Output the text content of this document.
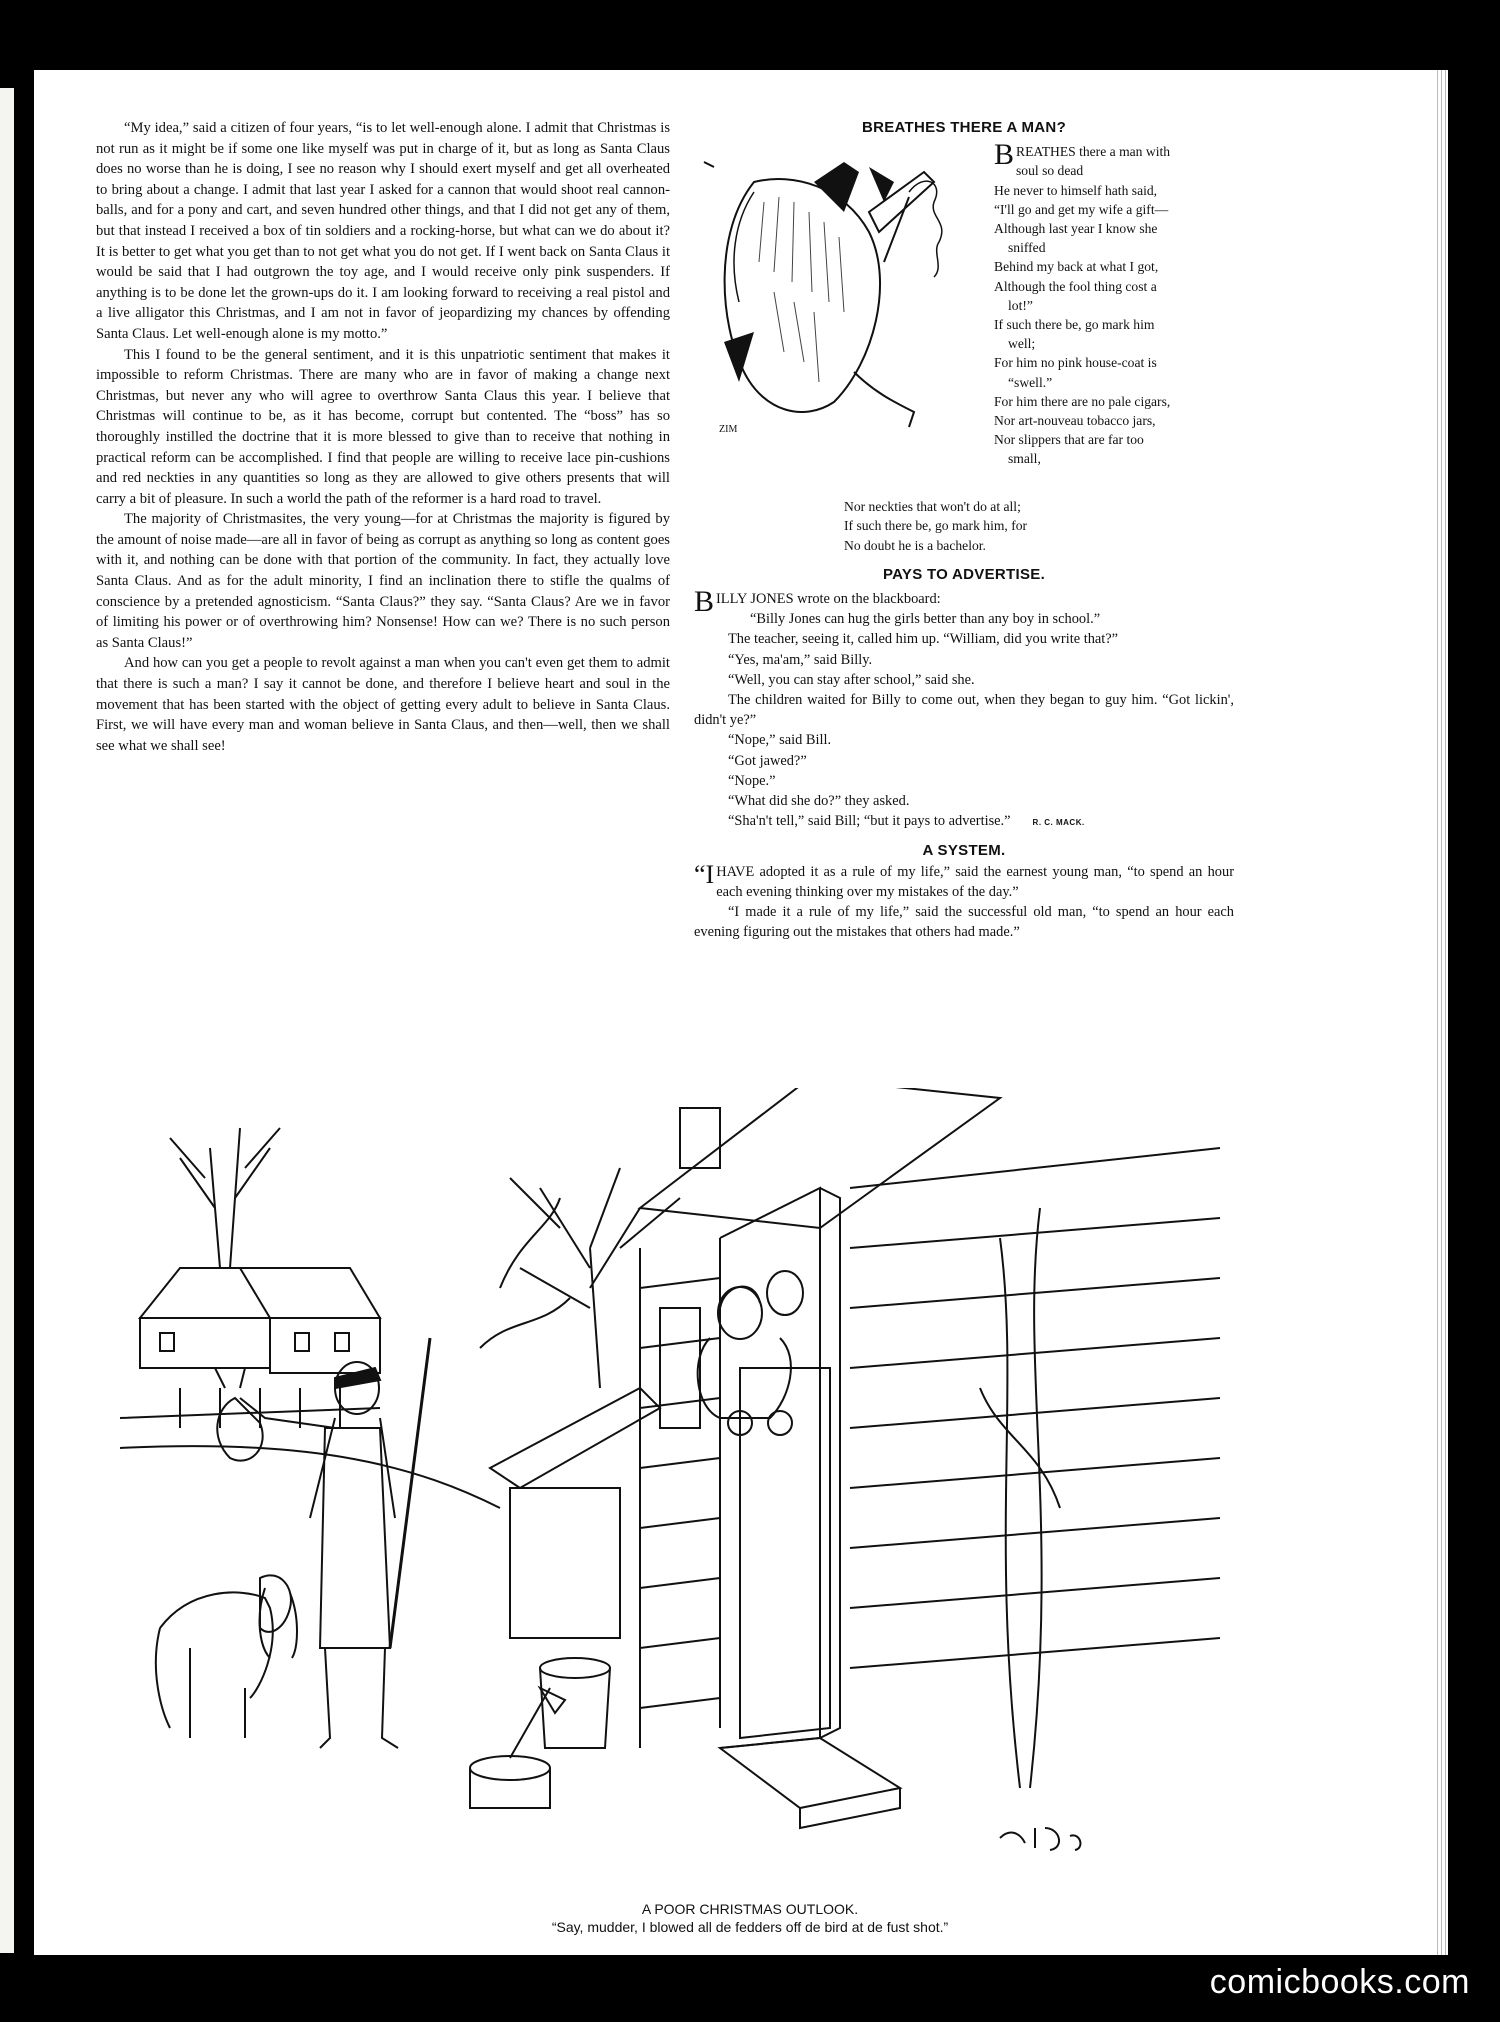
“My idea,” said a citizen of four years, “is to let well-enough alone. I admit that Christmas is not run as it might be if some one like myself was put in charge of it, but as long as Santa Claus does no worse than he is doing, I see no reason why I should exert myself and get all overheated to bring about a change. I admit that last year I asked for a cannon that would shoot real cannon-balls, and for a pony and cart, and seven hundred other things, and that I did not get any of them, but that instead I received a box of tin soldiers and a rocking-horse, but what can we do about it? It is better to get what you get than to not get what you do not get. If I went back on Santa Claus it would be said that I had outgrown the toy age, and I would receive only pink suspenders. If anything is to be done let the grown-ups do it. I am looking forward to receiving a real pistol and a live alligator this Christmas, and I am not in favor of jeopardizing my chances by offending Santa Claus. Let well-enough alone is my motto.”

This I found to be the general sentiment, and it is this unpatriotic sentiment that makes it impossible to reform Christmas. There are many who are in favor of making a change next Christmas, but never any who will agree to overthrow Santa Claus this year. I believe that Christmas will continue to be, as it has become, corrupt but contented. The “boss” has so thoroughly instilled the doctrine that it is more blessed to give than to receive that nothing in practical reform can be accomplished. I find that people are willing to receive lace pin-cushions and red neckties in any quantities so long as they are allowed to give others presents that will carry a bit of pleasure. In such a world the path of the reformer is a hard road to travel.

The majority of Christmasites, the very young—for at Christmas the majority is figured by the amount of noise made—are all in favor of being as corrupt as anything so long as content goes with it, and nothing can be done with that portion of the community. In fact, they actually love Santa Claus. And as for the adult minority, I find an inclination there to stifle the qualms of conscience by a pretended agnosticism. “Santa Claus?” they say. “Santa Claus? Are we in favor of limiting his power or of overthrowing him? Nonsense! How can we? There is no such person as Santa Claus!”

And how can you get a people to revolt against a man when you can't even get them to admit that there is such a man? I say it cannot be done, and therefore I believe heart and soul in the movement that has been started with the object of getting every adult to believe in Santa Claus. First, we will have every man and woman believe in Santa Claus, and then—well, then we shall see what we shall see!

BREATHES THERE A MAN?
ZIM
B REATHES there a man with
soul so dead
He never to himself hath said,
“I'll go and get my wife a gift—
Although last year I know she
sniffed
Behind my back at what I got,
Although the fool thing cost a
lot!”
If such there be, go mark him
well;
For him no pink house-coat is
“swell.”
For him there are no pale cigars,
Nor art-nouveau tobacco jars,
Nor slippers that are far too
small,
Nor neckties that won't do at all;
If such there be, go mark him, for
No doubt he is a bachelor.
PAYS TO ADVERTISE.

BILLY JONES wrote on the blackboard:

“Billy Jones can hug the girls better than any boy in school.”

The teacher, seeing it, called him up. “William, did you write that?”

“Yes, ma'am,” said Billy.

“Well, you can stay after school,” said she.

The children waited for Billy to come out, when they began to guy him. “Got lickin', didn't ye?”

“Nope,” said Bill.

“Got jawed?”

“Nope.”

“What did she do?” they asked.

“Sha'n't tell,” said Bill; “but it pays to advertise.”	R. C. MACK.

A SYSTEM.

“IHAVE adopted it as a rule of my life,” said the earnest young man, “to spend an hour each evening thinking over my mistakes of the day.”

“I made it a rule of my life,” said the successful old man, “to spend an hour each evening figuring out the mistakes that others had made.”

A POOR CHRISTMAS OUTLOOK.
“Say, mudder, I blowed all de fedders off de bird at de fust shot.”
comicbooks.com
